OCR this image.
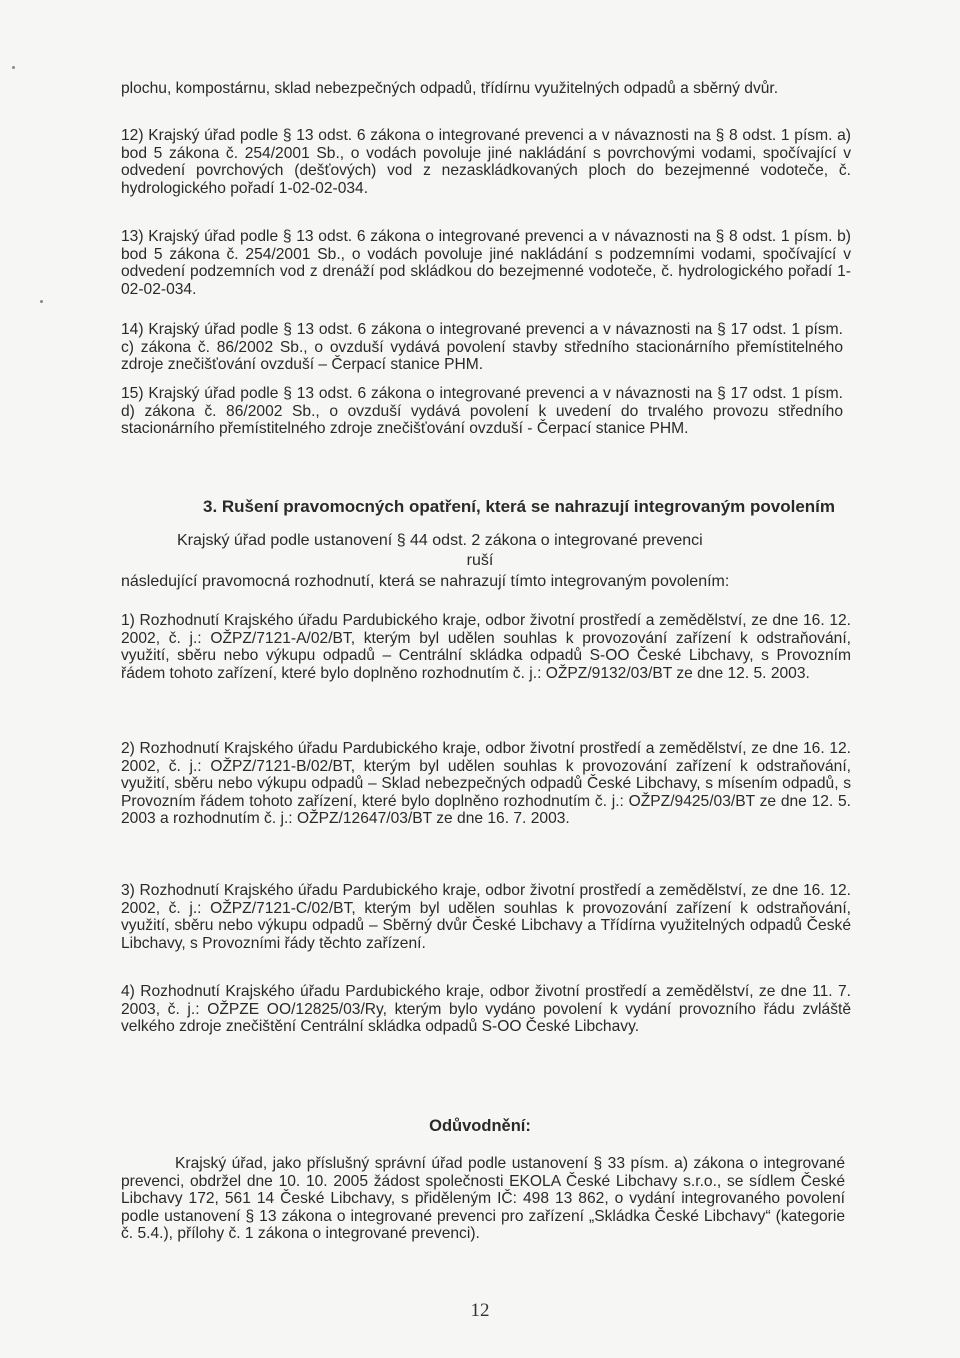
plochu, kompostárnu, sklad nebezpečných odpadů, třídírnu využitelných odpadů a sběrný dvůr.

12) Krajský úřad podle § 13 odst. 6 zákona o integrované prevenci a v návaznosti na § 8 odst. 1 písm. a) bod 5 zákona č. 254/2001 Sb., o vodách povoluje jiné nakládání s povrchovými vodami, spočívající v odvedení povrchových (dešťových) vod z nezaskládkovaných ploch do bezejmenné vodoteče, č. hydrologického pořadí 1-02-02-034.

13) Krajský úřad podle § 13 odst. 6 zákona o integrované prevenci a v návaznosti na § 8 odst. 1 písm. b) bod 5 zákona č. 254/2001 Sb., o vodách povoluje jiné nakládání s podzemními vodami, spočívající v odvedení podzemních vod z drenáží pod skládkou do bezejmenné vodoteče, č. hydrologického pořadí 1-02-02-034.

14) Krajský úřad podle § 13 odst. 6 zákona o integrované prevenci a v návaznosti na § 17 odst. 1 písm. c) zákona č. 86/2002 Sb., o ovzduší vydává povolení stavby středního stacionárního přemístitelného zdroje znečišťování ovzduší – Čerpací stanice PHM.

15) Krajský úřad podle § 13 odst. 6 zákona o integrované prevenci a v návaznosti na § 17 odst. 1 písm. d) zákona č. 86/2002 Sb., o ovzduší vydává povolení k uvedení do trvalého provozu středního stacionárního přemístitelného zdroje znečišťování ovzduší - Čerpací stanice PHM.

3. Rušení pravomocných opatření, která se nahrazují integrovaným povolením

Krajský úřad podle ustanovení § 44 odst. 2 zákona o integrované prevenci

ruší

následující pravomocná rozhodnutí, která se nahrazují tímto integrovaným povolením:

1) Rozhodnutí Krajského úřadu Pardubického kraje, odbor životní prostředí a zemědělství, ze dne 16. 12. 2002, č. j.: OŽPZ/7121-A/02/BT, kterým byl udělen souhlas k provozování zařízení k odstraňování, využití, sběru nebo výkupu odpadů – Centrální skládka odpadů S-OO České Libchavy, s Provozním řádem tohoto zařízení, které bylo doplněno rozhodnutím č. j.: OŽPZ/9132/03/BT ze dne 12. 5. 2003.

2) Rozhodnutí Krajského úřadu Pardubického kraje, odbor životní prostředí a zemědělství, ze dne 16. 12. 2002, č. j.: OŽPZ/7121-B/02/BT, kterým byl udělen souhlas k provozování zařízení k odstraňování, využití, sběru nebo výkupu odpadů – Sklad nebezpečných odpadů České Libchavy, s mísením odpadů, s Provozním řádem tohoto zařízení, které bylo doplněno rozhodnutím č. j.: OŽPZ/9425/03/BT ze dne 12. 5. 2003 a rozhodnutím č. j.: OŽPZ/12647/03/BT ze dne 16. 7. 2003.

3) Rozhodnutí Krajského úřadu Pardubického kraje, odbor životní prostředí a zemědělství, ze dne 16. 12. 2002, č. j.: OŽPZ/7121-C/02/BT, kterým byl udělen souhlas k provozování zařízení k odstraňování, využití, sběru nebo výkupu odpadů – Sběrný dvůr České Libchavy a Třídírna využitelných odpadů České Libchavy, s Provozními řády těchto zařízení.

4) Rozhodnutí Krajského úřadu Pardubického kraje, odbor životní prostředí a zemědělství, ze dne 11. 7. 2003, č. j.: OŽPZE OO/12825/03/Ry, kterým bylo vydáno povolení k vydání provozního řádu zvláště velkého zdroje znečištění Centrální skládka odpadů S-OO České Libchavy.

Odůvodnění:

Krajský úřad, jako příslušný správní úřad podle ustanovení § 33 písm. a) zákona o integrované prevenci, obdržel dne 10. 10. 2005 žádost společnosti EKOLA České Libchavy s.r.o., se sídlem České Libchavy 172, 561 14 České Libchavy, s přiděleným IČ: 498 13 862, o vydání integrovaného povolení podle ustanovení § 13 zákona o integrované prevenci pro zařízení „Skládka České Libchavy“ (kategorie č. 5.4.), přílohy č. 1 zákona o integrované prevenci).

12
